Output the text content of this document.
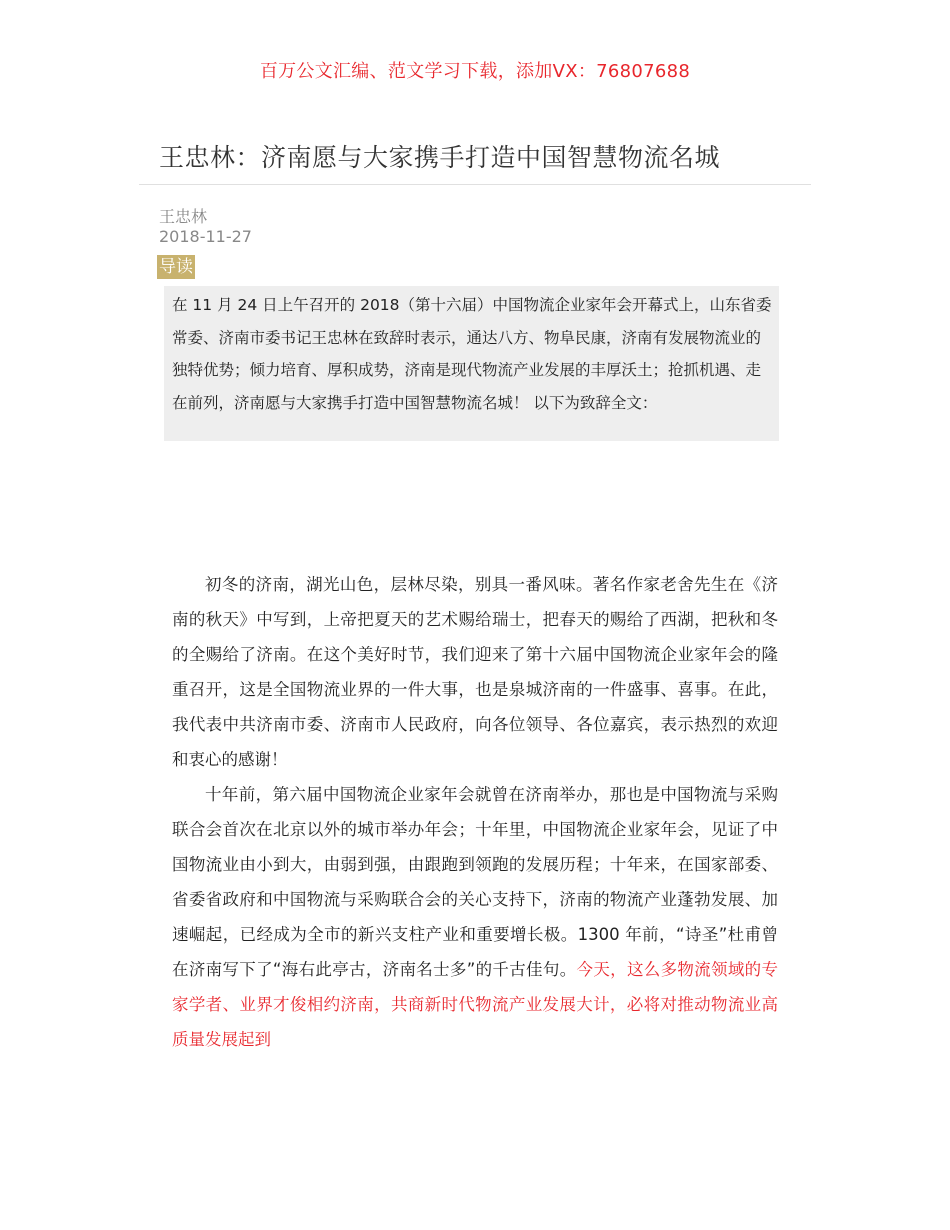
百万公文汇编、范文学习下载，添加VX：76807688
王忠林：济南愿与大家携手打造中国智慧物流名城
王忠林
2018-11-27
导读
在 11 月 24 日上午召开的 2018（第十六届）中国物流企业家年会开幕式上，山东省委常委、济南市委书记王忠林在致辞时表示，通达八方、物阜民康，济南有发展物流业的独特优势；倾力培育、厚积成势，济南是现代物流产业发展的丰厚沃土；抢抓机遇、走在前列，济南愿与大家携手打造中国智慧物流名城！ 以下为致辞全文：

初冬的济南，湖光山色，层林尽染，别具一番风味。著名作家老舍先生在《济南的秋天》中写到，上帝把夏天的艺术赐给瑞士，把春天的赐给了西湖，把秋和冬的全赐给了济南。在这个美好时节，我们迎来了第十六届中国物流企业家年会的隆重召开，这是全国物流业界的一件大事，也是泉城济南的一件盛事、喜事。在此，我代表中共济南市委、济南市人民政府，向各位领导、各位嘉宾，表示热烈的欢迎和衷心的感谢！

十年前，第六届中国物流企业家年会就曾在济南举办，那也是中国物流与采购联合会首次在北京以外的城市举办年会；十年里，中国物流企业家年会，见证了中国物流业由小到大，由弱到强，由跟跑到领跑的发展历程；十年来，在国家部委、省委省政府和中国物流与采购联合会的关心支持下，济南的物流产业蓬勃发展、加速崛起，已经成为全市的新兴支柱产业和重要增长极。1300 年前，“诗圣”杜甫曾在济南写下了“海右此亭古，济南名士多”的千古佳句。今天，这么多物流领域的专家学者、业界才俊相约济南，共商新时代物流产业发展大计，必将对推动物流业高质量发展起到
